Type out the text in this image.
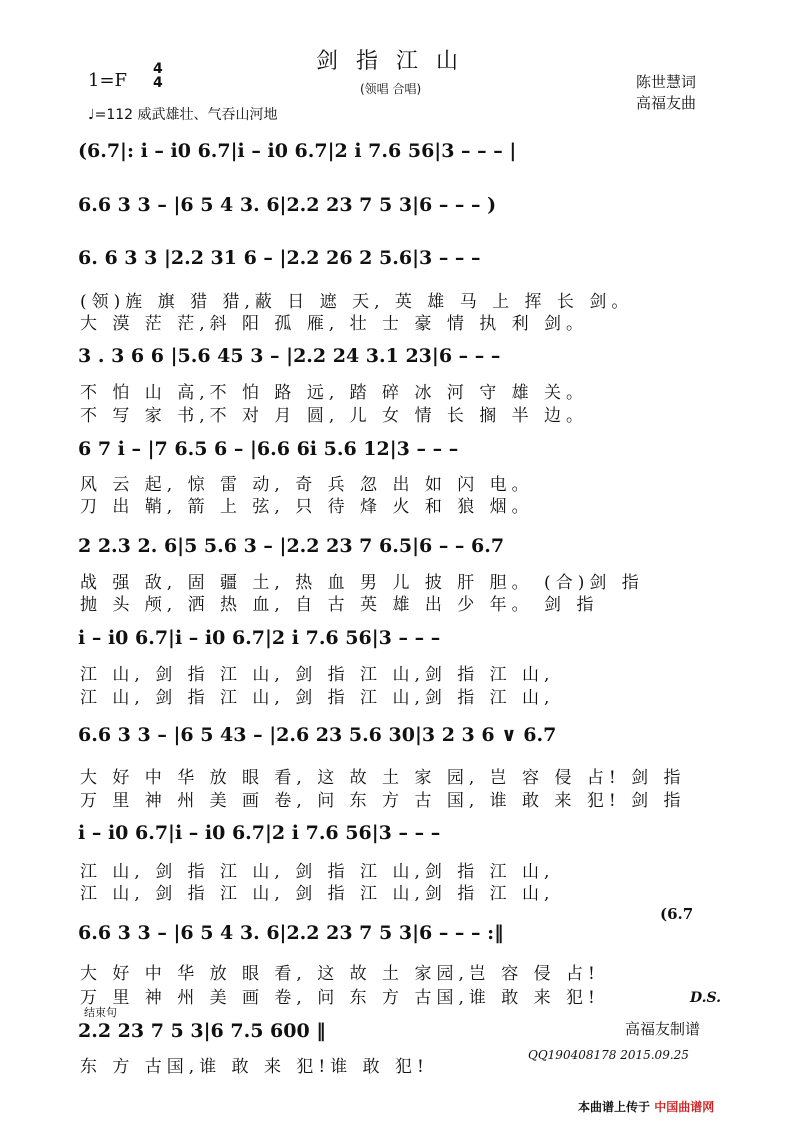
剑指江山
(领唱 合唱)
1=F
4
4
♩=112 威武雄壮、气吞山河地
陈世慧词
高福友曲
(6.7|: i – i0 6.7|i – i0 6.7|2 i 7.6 56|3 – – – |
6.6 3 3 – |6 5 4 3. 6|2.2 23 7 5 3|6 – – – )
6. 6 3 3 |2.2 31 6 – |2.2 26 2 5.6|3 – – –
(领)旌 旗 猎 猎,蔽 日 遮 天, 英 雄 马 上 挥 长 剑。
大 漠 茫 茫,斜 阳 孤 雁, 壮 士 豪 情 执 利 剑。
3 . 3 6 6 |5.6 45 3 – |2.2 24 3.1 23|6 – – –
不 怕 山 高,不 怕 路 远, 踏 碎 冰 河 守 雄 关。
不 写 家 书,不 对 月 圆, 儿 女 情 长 搁 半 边。
6 7 i – |7 6.5 6 – |6.6 6i 5.6 12|3 – – –
风 云 起, 惊 雷 动, 奇 兵 忽 出 如 闪 电。
刀 出 鞘, 箭 上 弦, 只 待 烽 火 和 狼 烟。
2 2.3 2. 6|5 5.6 3 – |2.2 23 7 6.5|6 – – 6.7
战 强 敌, 固 疆 土, 热 血 男 儿 披 肝 胆。 (合)剑 指
抛 头 颅, 洒 热 血, 自 古 英 雄 出 少 年。 剑 指
i – i0 6.7|i – i0 6.7|2 i 7.6 56|3 – – –
江 山, 剑 指 江 山, 剑 指 江 山,剑 指 江 山,
江 山, 剑 指 江 山, 剑 指 江 山,剑 指 江 山,
6.6 3 3 – |6 5 43 – |2.6 23 5.6 30|3 2 3 6 ∨ 6.7
大 好 中 华 放 眼 看, 这 故 土 家 园, 岂 容 侵 占! 剑 指
万 里 神 州 美 画 卷, 问 东 方 古 国, 谁 敢 来 犯! 剑 指
i – i0 6.7|i – i0 6.7|2 i 7.6 56|3 – – –
江 山, 剑 指 江 山, 剑 指 江 山,剑 指 江 山,
江 山, 剑 指 江 山, 剑 指 江 山,剑 指 江 山,
6.6 3 3 – |6 5 4 3. 6|2.2 23 7 5 3|6 – – – :‖
(6.7
大 好 中 华 放 眼 看, 这 故 土 家园,岂 容 侵 占!
万 里 神 州 美 画 卷, 问 东 方 古国,谁 敢 来 犯!	D.S.
结束句
2.2 23 7 5 3|6 7.5 600 ‖
东 方 古国,谁 敢 来 犯!谁 敢 犯!
高福友制谱
QQ190408178 2015.09.25
本曲谱上传于 中国曲谱网
